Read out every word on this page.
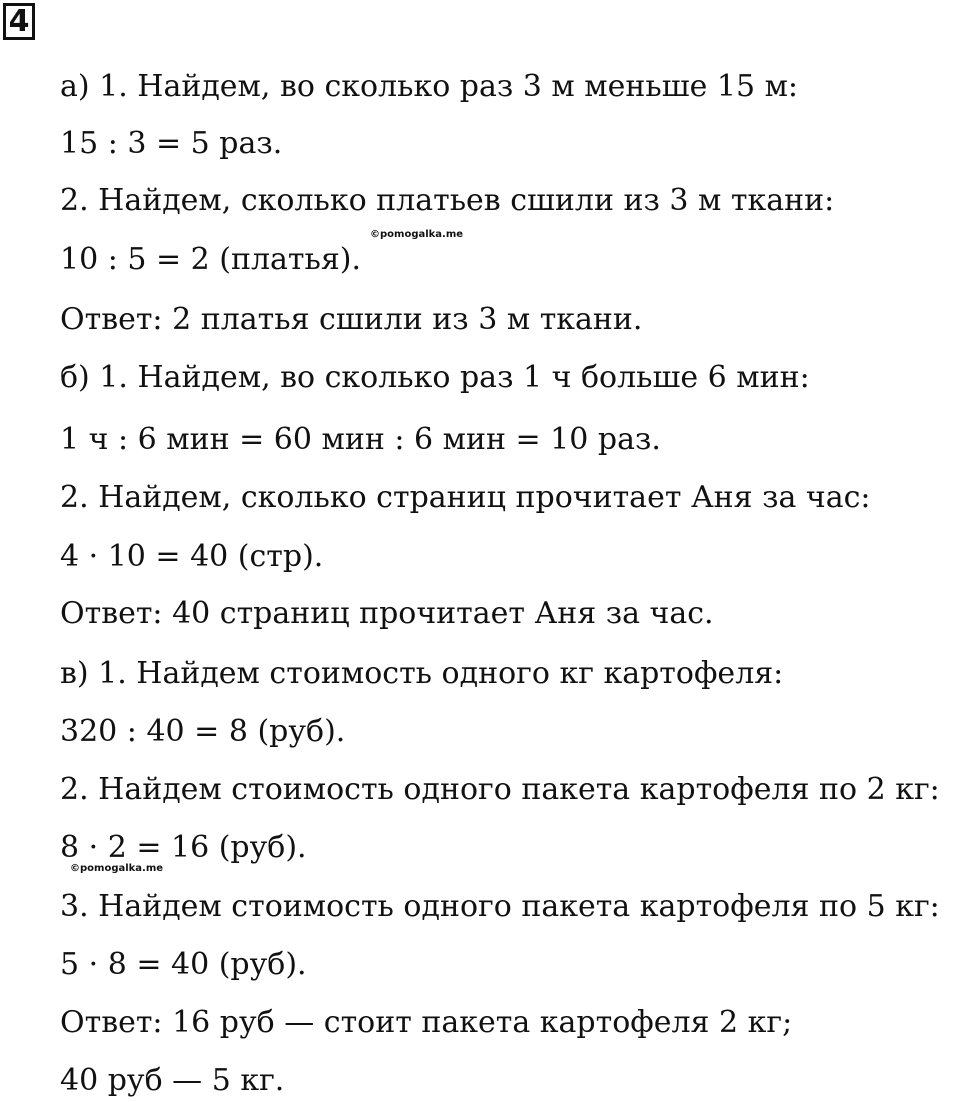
4
а) 1. Найдем, во сколько раз 3 м меньше 15 м:
15 : 3 = 5 раз.
2. Найдем, сколько платьев сшили из 3 м ткани:
10 : 5 = 2 (платья).
Ответ: 2 платья сшили из 3 м ткани.
б) 1. Найдем, во сколько раз 1 ч больше 6 мин:
1 ч : 6 мин = 60 мин : 6 мин = 10 раз.
2. Найдем, сколько страниц прочитает Аня за час:
4 · 10 = 40 (стр).
Ответ: 40 страниц прочитает Аня за час.
в) 1. Найдем стоимость одного кг картофеля:
320 : 40 = 8 (руб).
2. Найдем стоимость одного пакета картофеля по 2 кг:
8 · 2 = 16 (руб).
3. Найдем стоимость одного пакета картофеля по 5 кг:
5 · 8 = 40 (руб).
Ответ: 16 руб — стоит пакета картофеля 2 кг;
40 руб — 5 кг.
©pomogalka.me
©pomogalka.me
